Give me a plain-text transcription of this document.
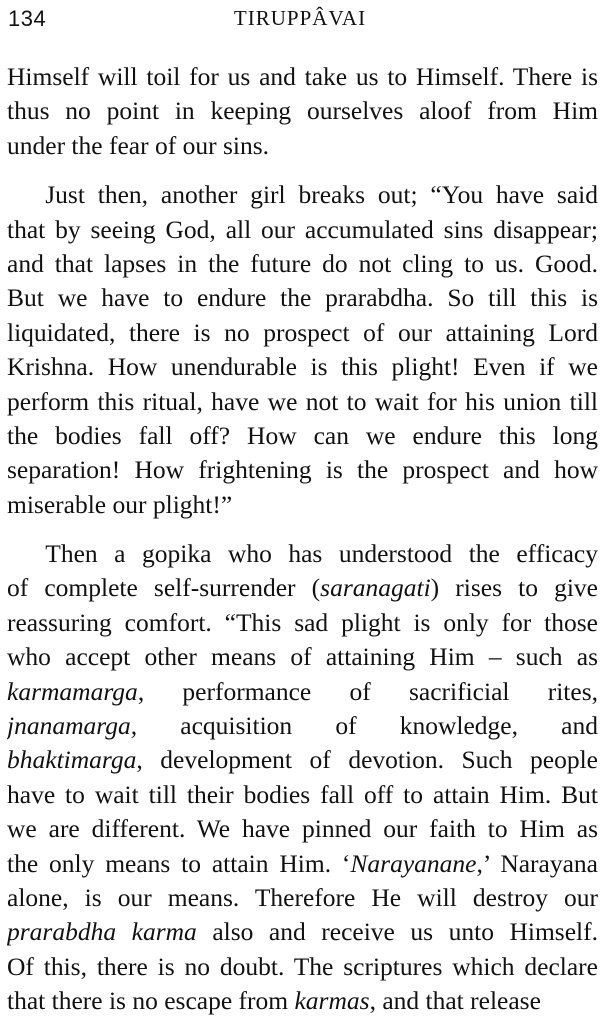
134	TIRUPPÂVAI
Himself will toil for us and take us to Himself. There is
thus no point in keeping ourselves aloof from Him
under the fear of our sins.
  Just then, another girl breaks out; “You have said
that by seeing God, all our accumulated sins disappear;
and that lapses in the future do not cling to us. Good.
But we have to endure the prarabdha. So till this is
liquidated, there is no prospect of our attaining Lord
Krishna. How unendurable is this plight! Even if we
perform this ritual, have we not to wait for his union till
the bodies fall off? How can we endure this long
separation! How frightening is the prospect and how
miserable our plight!”
  Then a gopika who has understood the efficacy
of complete self-surrender (saranagati) rises to give
reassuring comfort. “This sad plight is only for those
who accept other means of attaining Him – such as
karmamarga, performance of sacrificial rites,
jnanamarga, acquisition of knowledge, and
bhaktimarga, development of devotion. Such people
have to wait till their bodies fall off to attain Him. But
we are different. We have pinned our faith to Him as
the only means to attain Him. ‘Narayanane,’ Narayana
alone, is our means. Therefore He will destroy our
prarabdha karma also and receive us unto Himself.
Of this, there is no doubt. The scriptures which declare
that there is no escape from karmas, and that release
